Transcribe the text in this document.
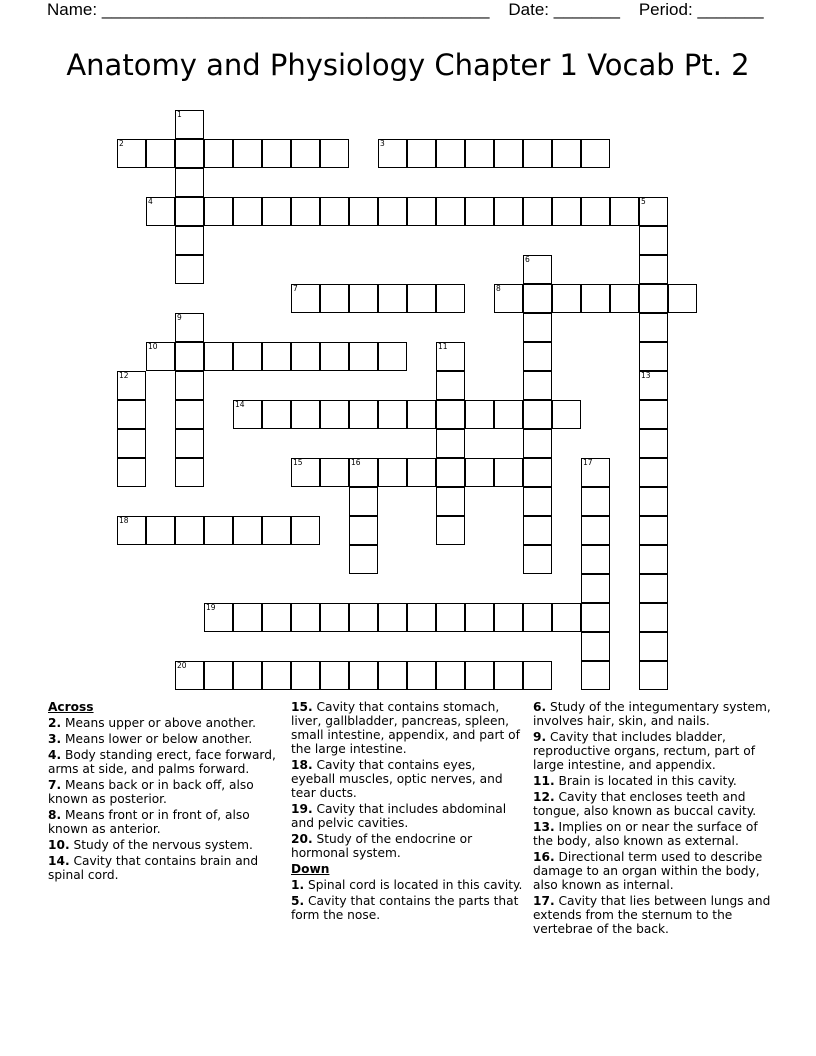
Name: _________________________________________ Date: _______ Period: _______
Anatomy and Physiology Chapter 1 Vocab Pt. 2
1
2	3
4	5
6
7	8
9
10	11
12	13
14
15	16	17
18
19
20
Across
2. Means upper or above another.
3. Means lower or below another.
4. Body standing erect, face forward, arms at side, and palms forward.
7. Means back or in back off, also known as posterior.
8. Means front or in front of, also known as anterior.
10. Study of the nervous system.
14. Cavity that contains brain and spinal cord.
15. Cavity that contains stomach, liver, gallbladder, pancreas, spleen, small intestine, appendix, and part of the large intestine.
18. Cavity that contains eyes, eyeball muscles, optic nerves, and tear ducts.
19. Cavity that includes abdominal and pelvic cavities.
20. Study of the endocrine or hormonal system.
Down
1. Spinal cord is located in this cavity.
5. Cavity that contains the parts that form the nose.
6. Study of the integumentary system, involves hair, skin, and nails.
9. Cavity that includes bladder, reproductive organs, rectum, part of large intestine, and appendix.
11. Brain is located in this cavity.
12. Cavity that encloses teeth and tongue, also known as buccal cavity.
13. Implies on or near the surface of the body, also known as external.
16. Directional term used to describe damage to an organ within the body, also known as internal.
17. Cavity that lies between lungs and extends from the sternum to the vertebrae of the back.
